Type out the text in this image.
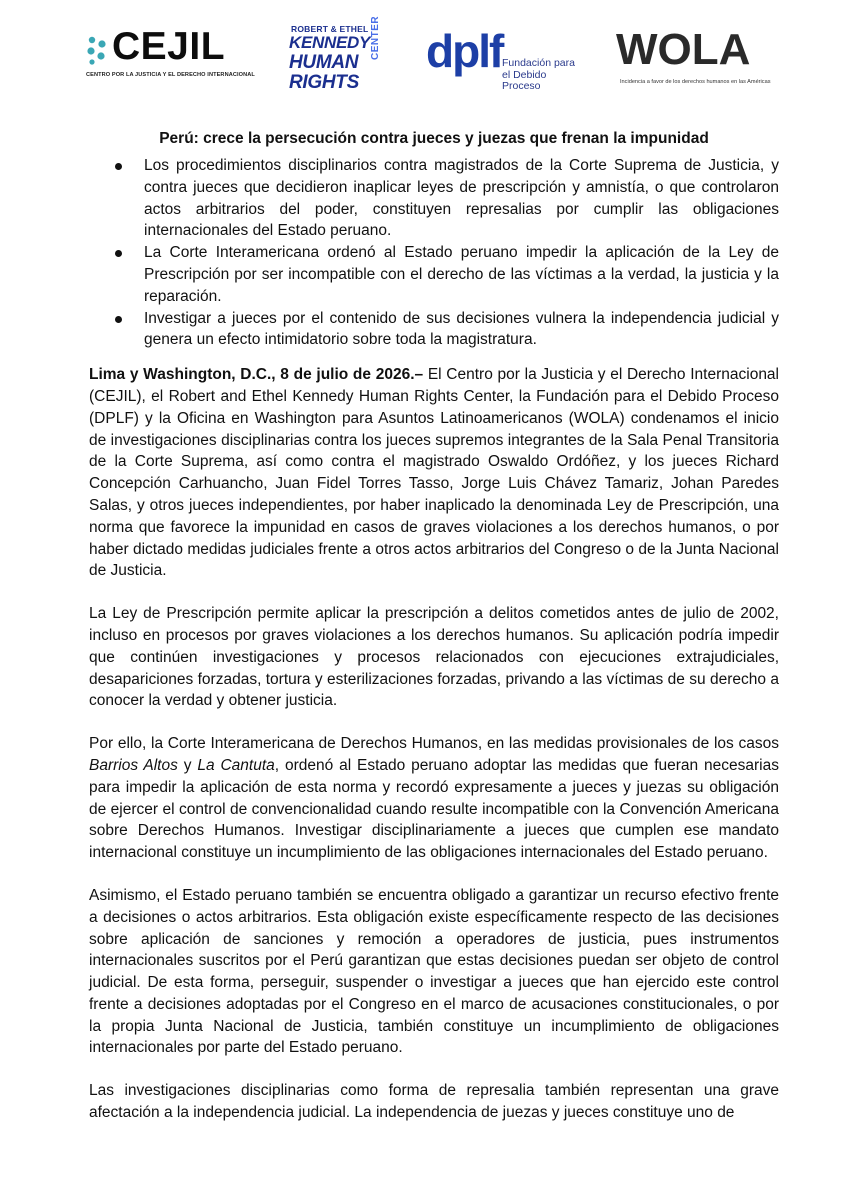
CEJIL
CENTRO POR LA JUSTICIA Y EL DERECHO INTERNACIONAL
ROBERT & ETHEL
KENNEDY
HUMAN
RIGHTS
CENTER dplf Fundación para el Debido Proceso
WOLA
Incidencia a favor de los derechos humanos en las Américas
Perú: crece la persecución contra jueces y juezas que frenan la impunidad
Los procedimientos disciplinarios contra magistrados de la Corte Suprema de Justicia, y contra jueces que decidieron inaplicar leyes de prescripción y amnistía, o que controlaron actos arbitrarios del poder, constituyen represalias por cumplir las obligaciones internacionales del Estado peruano.
La Corte Interamericana ordenó al Estado peruano impedir la aplicación de la Ley de Prescripción por ser incompatible con el derecho de las víctimas a la verdad, la justicia y la reparación.
Investigar a jueces por el contenido de sus decisiones vulnera la independencia judicial y genera un efecto intimidatorio sobre toda la magistratura.

Lima y Washington, D.C., 8 de julio de 2026.– El Centro por la Justicia y el Derecho Internacional (CEJIL), el Robert and Ethel Kennedy Human Rights Center, la Fundación para el Debido Proceso (DPLF) y la Oficina en Washington para Asuntos Latinoamericanos (WOLA) condenamos el inicio de investigaciones disciplinarias contra los jueces supremos integrantes de la Sala Penal Transitoria de la Corte Suprema, así como contra el magistrado Oswaldo Ordóñez, y los jueces Richard Concepción Carhuancho, Juan Fidel Torres Tasso, Jorge Luis Chávez Tamariz, Johan Paredes Salas, y otros jueces independientes, por haber inaplicado la denominada Ley de Prescripción, una norma que favorece la impunidad en casos de graves violaciones a los derechos humanos, o por haber dictado medidas judiciales frente a otros actos arbitrarios del Congreso o de la Junta Nacional de Justicia.

La Ley de Prescripción permite aplicar la prescripción a delitos cometidos antes de julio de 2002, incluso en procesos por graves violaciones a los derechos humanos. Su aplicación podría impedir que continúen investigaciones y procesos relacionados con ejecuciones extrajudiciales, desapariciones forzadas, tortura y esterilizaciones forzadas, privando a las víctimas de su derecho a conocer la verdad y obtener justicia.

Por ello, la Corte Interamericana de Derechos Humanos, en las medidas provisionales de los casos Barrios Altos y La Cantuta, ordenó al Estado peruano adoptar las medidas que fueran necesarias para impedir la aplicación de esta norma y recordó expresamente a jueces y juezas su obligación de ejercer el control de convencionalidad cuando resulte incompatible con la Convención Americana sobre Derechos Humanos. Investigar disciplinariamente a jueces que cumplen ese mandato internacional constituye un incumplimiento de las obligaciones internacionales del Estado peruano.

Asimismo, el Estado peruano también se encuentra obligado a garantizar un recurso efectivo frente a decisiones o actos arbitrarios. Esta obligación existe específicamente respecto de las decisiones sobre aplicación de sanciones y remoción a operadores de justicia, pues instrumentos internacionales suscritos por el Perú garantizan que estas decisiones puedan ser objeto de control judicial. De esta forma, perseguir, suspender o investigar a jueces que han ejercido este control frente a decisiones adoptadas por el Congreso en el marco de acusaciones constitucionales, o por la propia Junta Nacional de Justicia, también constituye un incumplimiento de obligaciones internacionales por parte del Estado peruano.

Las investigaciones disciplinarias como forma de represalia también representan una grave afectación a la independencia judicial. La independencia de juezas y jueces constituye uno de
